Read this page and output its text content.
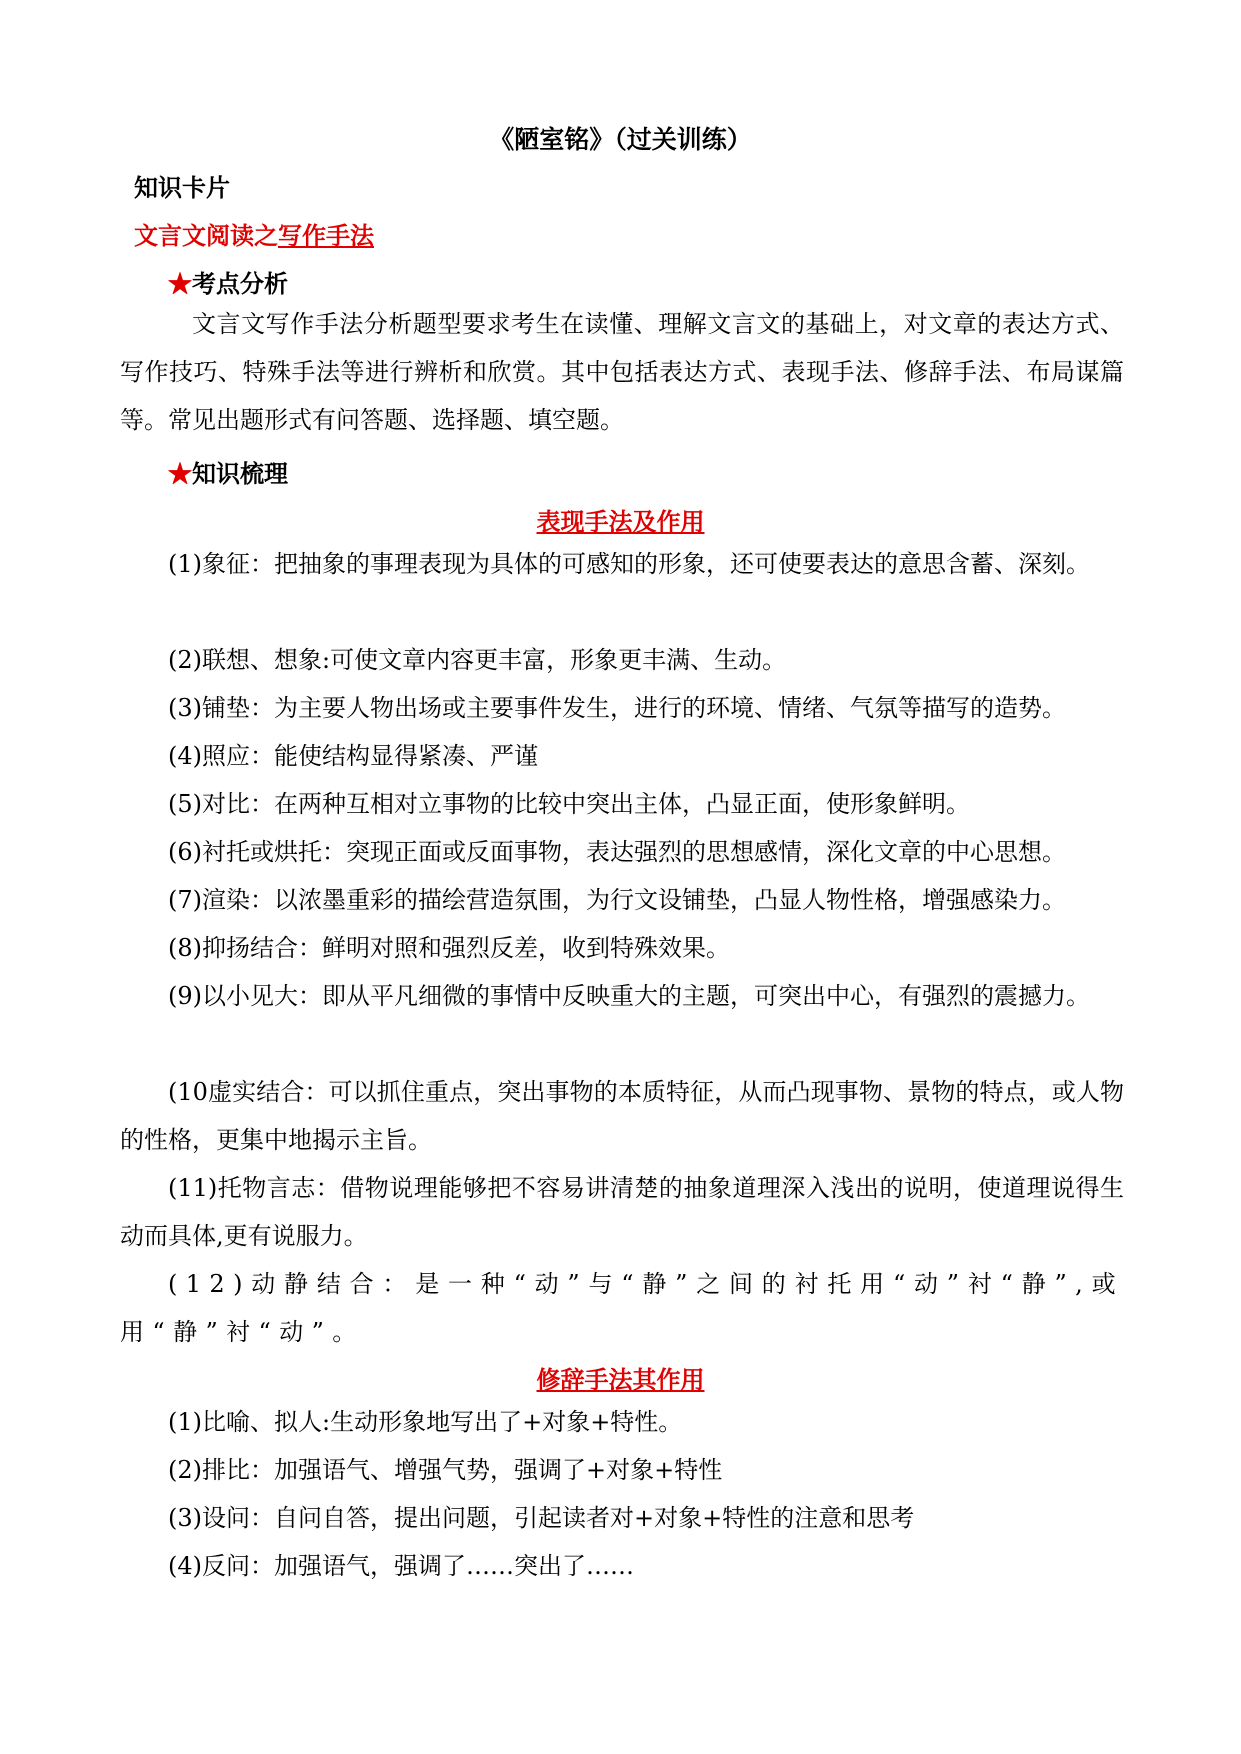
《陋室铭》（过关训练）
知识卡片
文言文阅读之写作手法
★考点分析

文言文写作手法分析题型要求考生在读懂、理解文言文的基础上，对文章的表达方式、写作技巧、特殊手法等进行辨析和欣赏。其中包括表达方式、表现手法、修辞手法、布局谋篇等。常见出题形式有问答题、选择题、填空题。

★知识梳理
表现手法及作用

(1)象征：把抽象的事理表现为具体的可感知的形象，还可使要表达的意思含蓄、深刻。

(2)联想、想象:可使文章内容更丰富，形象更丰满、生动。

(3)铺垫：为主要人物出场或主要事件发生，进行的环境、情绪、气氛等描写的造势。

(4)照应：能使结构显得紧凑、严谨

(5)对比：在两种互相对立事物的比较中突出主体，凸显正面，使形象鲜明。

(6)衬托或烘托：突现正面或反面事物，表达强烈的思想感情，深化文章的中心思想。

(7)渲染：以浓墨重彩的描绘营造氛围，为行文设铺垫，凸显人物性格，增强感染力。

(8)抑扬结合：鲜明对照和强烈反差，收到特殊效果。

(9)以小见大：即从平凡细微的事情中反映重大的主题，可突出中心，有强烈的震撼力。

(10虚实结合：可以抓住重点，突出事物的本质特征，从而凸现事物、景物的特点，或人物的性格，更集中地揭示主旨。

(11)托物言志：借物说理能够把不容易讲清楚的抽象道理深入浅出的说明，使道理说得生动而具体,更有说服力。

(12)动静结合：是一种“动”与“静”之间的衬托用“动”衬“静”,或用“静”衬“动”。

修辞手法其作用

(1)比喻、拟人:生动形象地写出了+对象+特性。

(2)排比：加强语气、增强气势，强调了+对象+特性

(3)设问：自问自答，提出问题，引起读者对+对象+特性的注意和思考

(4)反问：加强语气，强调了……突出了……
